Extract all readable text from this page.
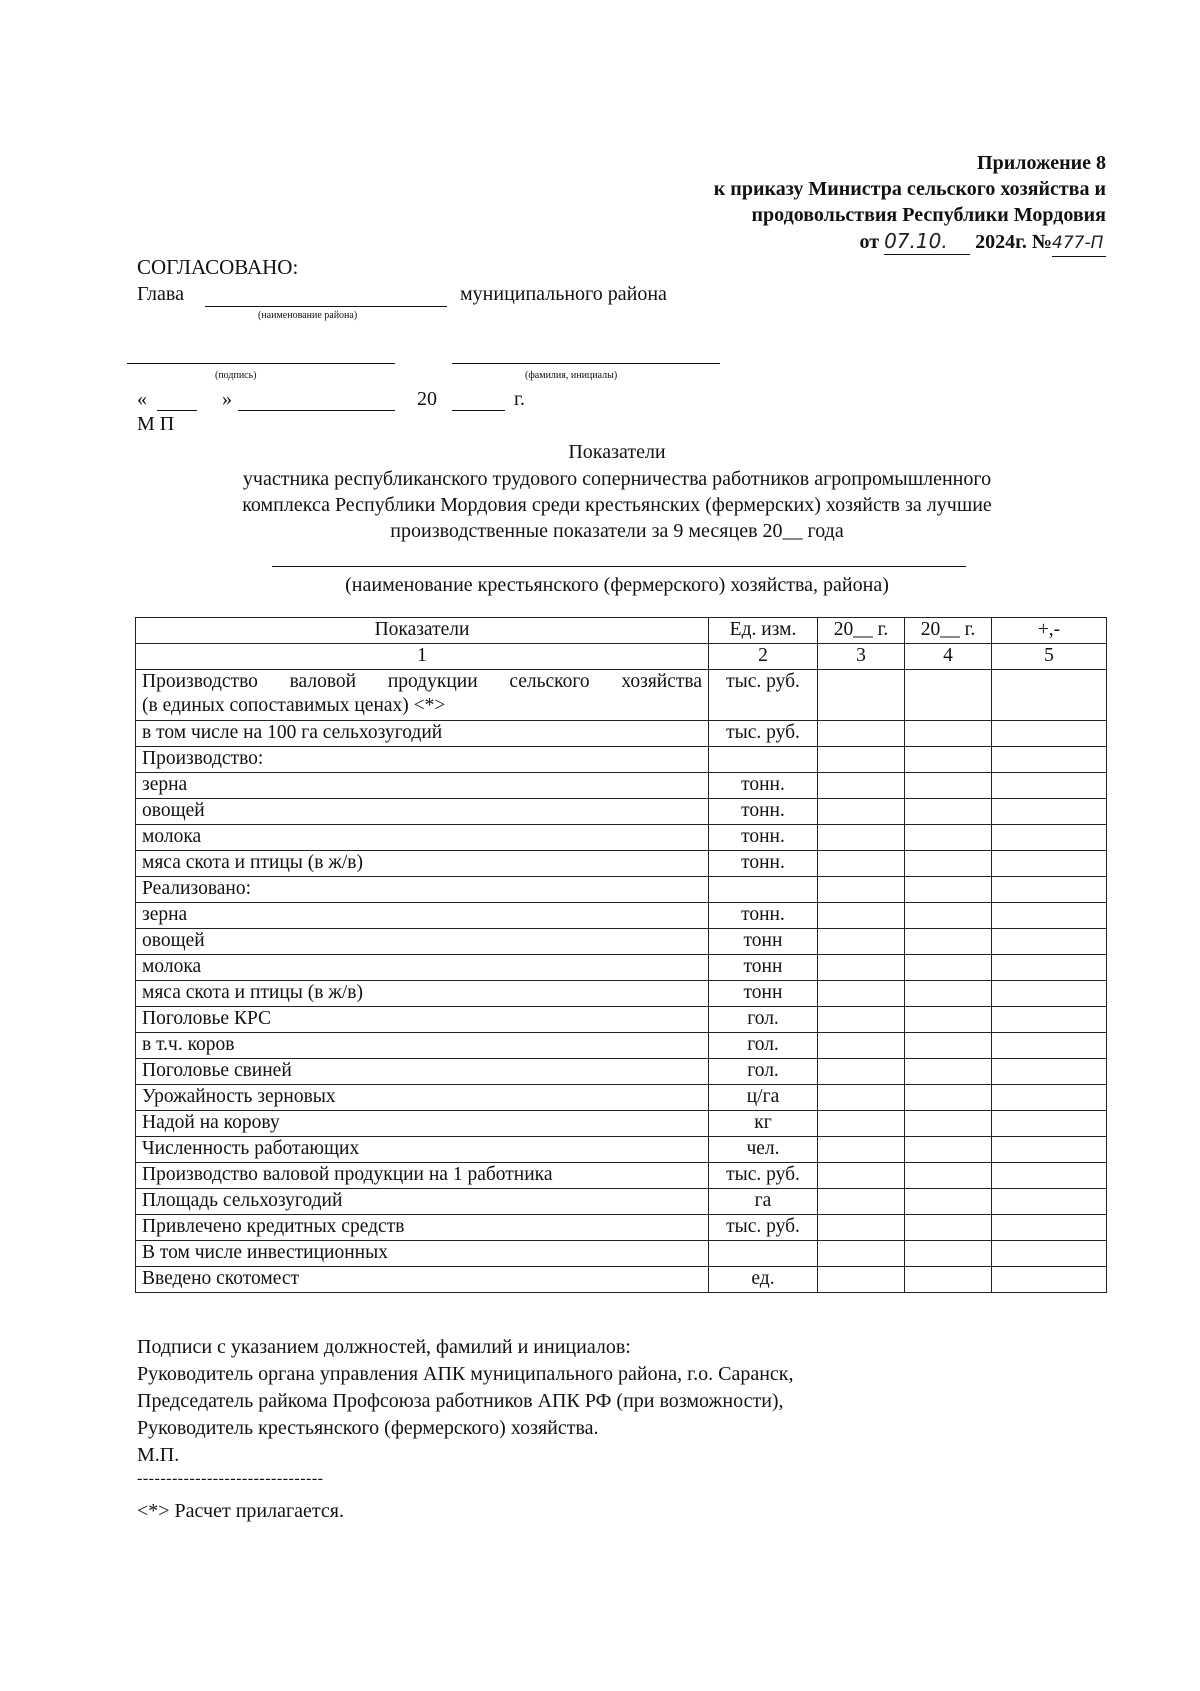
Приложение 8
к приказу Министра сельского хозяйства и
продовольствия Республики Мордовия
от 07.10. 2024г. №477-П
СОГЛАСОВАНО:
Глава	муниципального района
(наименование района)
(подпись)	(фамилия, инициалы)
«	»	20	г.
М П
Показатели
участника республиканского трудового соперничества работников агропромышленного
комплекса Республики Мордовия среди крестьянских (фермерских) хозяйств за лучшие
производственные показатели за 9 месяцев 20__ года
(наименование крестьянского (фермерского) хозяйства, района)
Показатели	Ед. изм.	20__ г.	20__ г.	+,-
1	2	3	4	5

Производство валовой продукции сельского хозяйства
(в единых сопоставимых ценах) <*>	тыс. руб.			
в том числе на 100 га сельхозугодий	тыс. руб.			
Производство:				
зерна	тонн.			
овощей	тонн.			
молока	тонн.			
мяса скота и птицы (в ж/в)	тонн.			
Реализовано:				
зерна	тонн.			
овощей	тонн			
молока	тонн			
мяса скота и птицы (в ж/в)	тонн			
Поголовье КРС	гол.			
в т.ч. коров	гол.			
Поголовье свиней	гол.			
Урожайность зерновых	ц/га			
Надой на корову	кг			
Численность работающих	чел.			
Производство валовой продукции на 1 работника	тыс. руб.			
Площадь сельхозугодий	га			
Привлечено кредитных средств	тыс. руб.			
В том числе инвестиционных				
Введено скотомест	ед.			
Подписи с указанием должностей, фамилий и инициалов:
Руководитель органа управления АПК муниципального района, г.о. Саранск,
Председатель райкома Профсоюза работников АПК РФ (при возможности),
Руководитель крестьянского (фермерского) хозяйства.
М.П.
--------------------------------
<*> Расчет прилагается.
